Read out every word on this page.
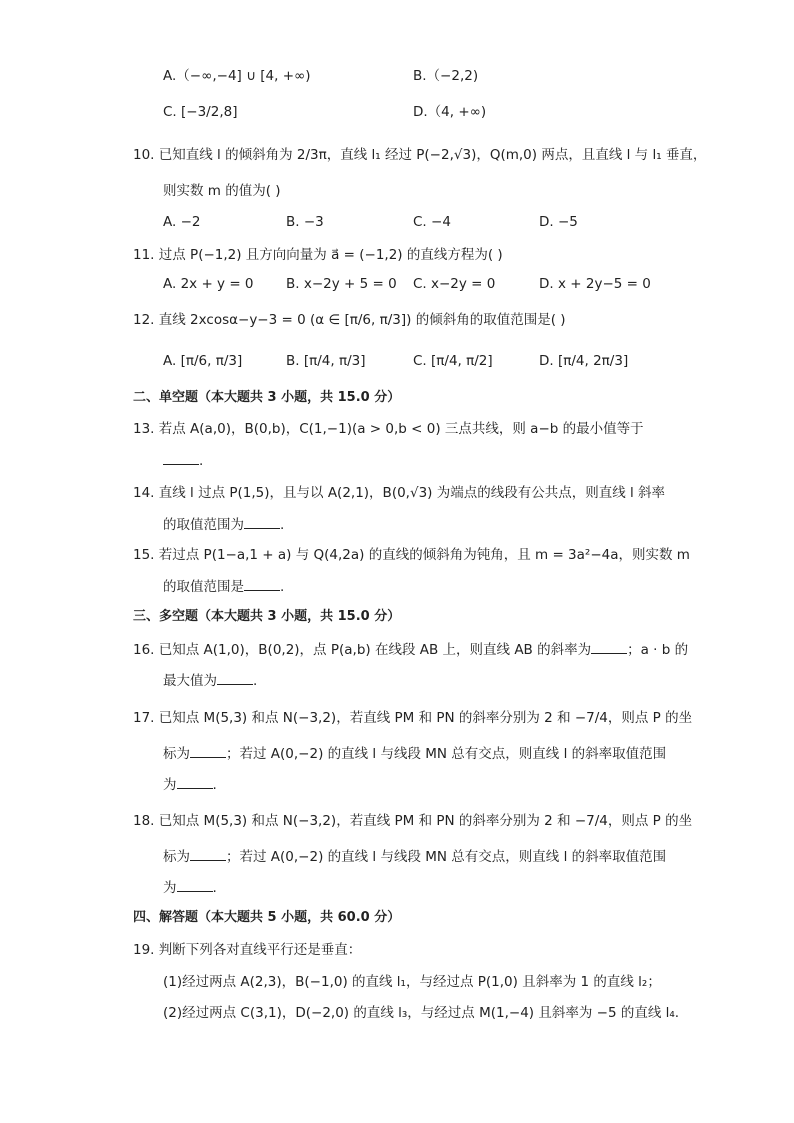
A.（−∞,−4] ∪ [4, +∞)	B.（−2,2)
C. [−3/2,8]	D.（4, +∞)
10. 已知直线 l 的倾斜角为 2/3π，直线 l₁ 经过 P(−2,√3)，Q(m,0) 两点，且直线 l 与 l₁ 垂直，
则实数 m 的值为( )
A. −2	B. −3	C. −4	D. −5
11. 过点 P(−1,2) 且方向向量为 a⃗ = (−1,2) 的直线方程为( )
A. 2x + y = 0 B. x−2y + 5 = 0 C. x−2y = 0	D. x + 2y−5 = 0
12. 直线 2xcosα−y−3 = 0 (α ∈ [π/6, π/3]) 的倾斜角的取值范围是( )
A. [π/6, π/3]	B. [π/4, π/3]	C. [π/4, π/2]	D. [π/4, 2π/3]
二、单空题（本大题共 3 小题，共 15.0 分）
13. 若点 A(a,0)，B(0,b)，C(1,−1)(a > 0,b < 0) 三点共线，则 a−b 的最小值等于
.
14. 直线 l 过点 P(1,5)，且与以 A(2,1)，B(0,√3) 为端点的线段有公共点，则直线 l 斜率
的取值范围为	.
15. 若过点 P(1−a,1 + a) 与 Q(4,2a) 的直线的倾斜角为钝角，且 m = 3a²−4a，则实数 m
的取值范围是	.
三、多空题（本大题共 3 小题，共 15.0 分）
16. 已知点 A(1,0)，B(0,2)，点 P(a,b) 在线段 AB 上，则直线 AB 的斜率为	；a · b 的
最大值为	.
17. 已知点 M(5,3) 和点 N(−3,2)，若直线 PM 和 PN 的斜率分别为 2 和 −7/4，则点 P 的坐
标为	；若过 A(0,−2) 的直线 l 与线段 MN 总有交点，则直线 l 的斜率取值范围
为	.
18. 已知点 M(5,3) 和点 N(−3,2)，若直线 PM 和 PN 的斜率分别为 2 和 −7/4，则点 P 的坐
标为	；若过 A(0,−2) 的直线 l 与线段 MN 总有交点，则直线 l 的斜率取值范围
为	.
四、解答题（本大题共 5 小题，共 60.0 分）
19. 判断下列各对直线平行还是垂直：
(1)经过两点 A(2,3)，B(−1,0) 的直线 l₁，与经过点 P(1,0) 且斜率为 1 的直线 l₂；
(2)经过两点 C(3,1)，D(−2,0) 的直线 l₃，与经过点 M(1,−4) 且斜率为 −5 的直线 l₄.
